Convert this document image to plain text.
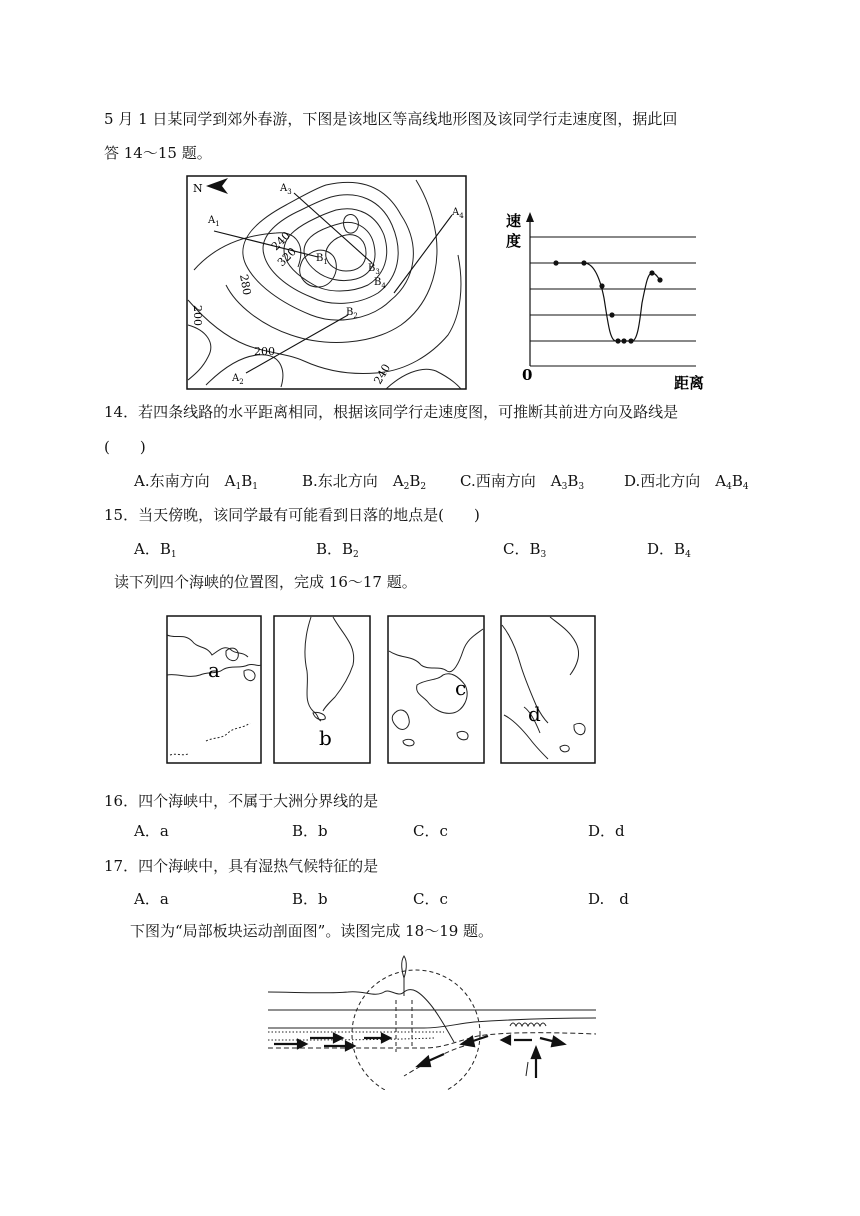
5 月 1 日某同学到郊外春游，下图是该地区等高线地形图及该同学行走速度图，据此回
答 14～15 题。
N
240
320
280
200
200
240
$A_1$
$A_2$
$A_3$
$A_4$
$B_1$
$B_2$
$B_3$
$B_4$
速
度
距离
0
14．若四条线路的水平距离相同，根据该同学行走速度图，可推断其前进方向及路线是
(　　)
A.东南方向　 $A_1B_1$	B.东北方向　 $A_2B_2$ C.西南方向　 $A_3B_3$	D.西北方向　 $A_4B_4$
15．当天傍晚，该同学最有可能看到日落的地点是(　　)
A．$B_1$	B．$B_2$	C．$B_3$	D．$B_4$
读下列四个海峡的位置图，完成 16～17 题。
a
b
c
d
16．四个海峡中，不属于大洲分界线的是
A．a	B．b	C．c	D．d
17．四个海峡中，具有湿热气候特征的是
A．a	B．b	C．c	D.　d
下图为“局部板块运动剖面图”。读图完成 18～19 题。
